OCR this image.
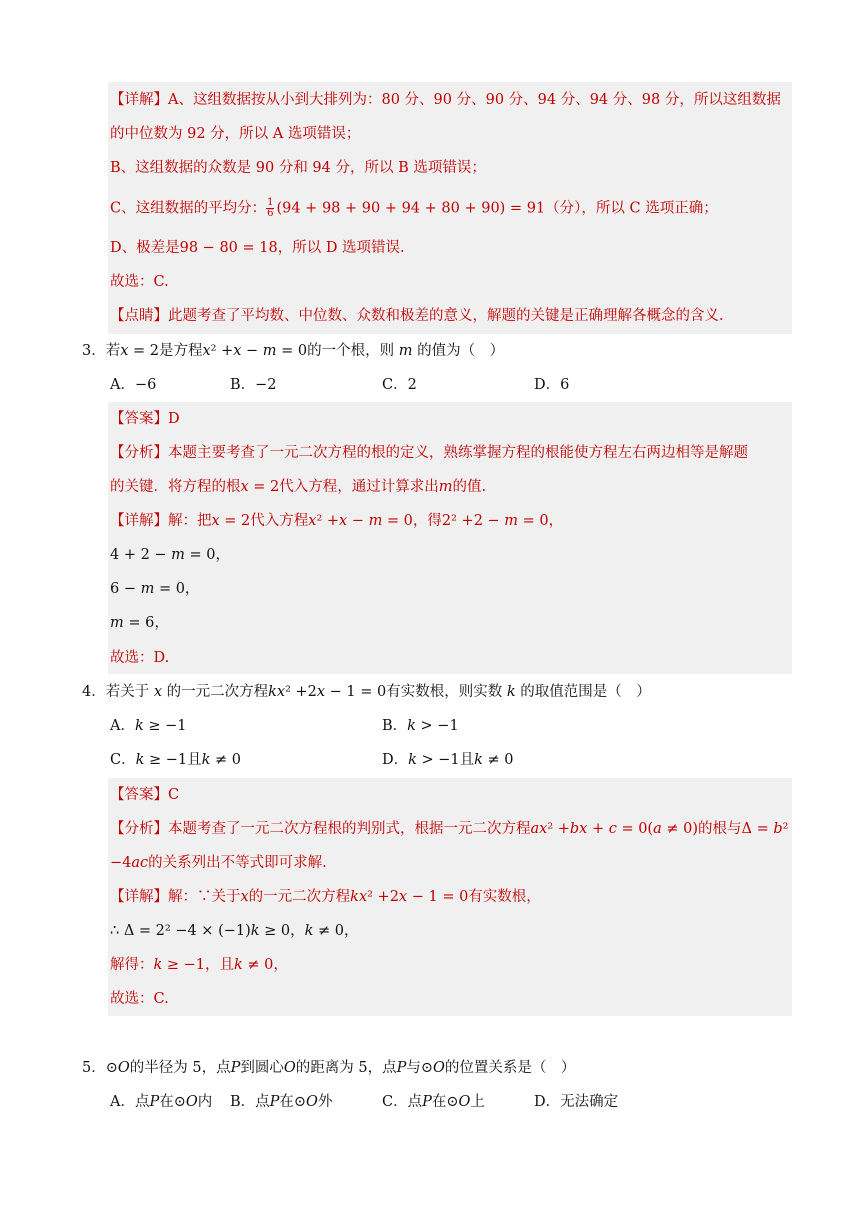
【详解】A、这组数据按从小到大排列为：80 分、90 分、90 分、94 分、94 分、98 分，所以这组数据
的中位数为 92 分，所以 A 选项错误；
B、这组数据的众数是 90 分和 94 分，所以 B 选项错误；
C、这组数据的平均分： $\frac{1}{6} (94 + 98 + 90 + 94 + 80 + 90) = 91$（分），所以 C 选项正确；
D、极差是98 − 80 = 18，所以 D 选项错误.
故选：C.
【点睛】此题考查了平均数、中位数、众数和极差的意义，解题的关键是正确理解各概念的含义.
3．若𝑥 = 2是方程𝑥² +𝑥 − 𝑚 = 0的一个根，则 𝑚 的值为（　）
A．−6	B．−2	C．2	D．6
【答案】D
【分析】本题主要考查了一元二次方程的根的定义，熟练掌握方程的根能使方程左右两边相等是解题
的关键．将方程的根𝑥 = 2代入方程，通过计算求出𝑚的值.
【详解】解：把𝑥 = 2代入方程𝑥² +𝑥 − 𝑚 = 0，得2² +2 − 𝑚 = 0，
4 + 2 − 𝑚 = 0，
6 − 𝑚 = 0，
𝑚 = 6，
故选：D.
4．若关于 𝑥 的一元二次方程𝑘𝑥² +2𝑥 − 1 = 0有实数根，则实数 𝑘 的取值范围是（　）
A．𝑘 ≥ −1	B．𝑘 > −1
C．𝑘 ≥ −1且𝑘 ≠ 0	D．𝑘 > −1且𝑘 ≠ 0
【答案】C
【分析】本题考查了一元二次方程根的判别式，根据一元二次方程𝑎𝑥² +𝑏𝑥 + 𝑐 = 0(𝑎 ≠ 0)的根与Δ = 𝑏²
−4𝑎𝑐的关系列出不等式即可求解.
【详解】解：∵关于𝑥的一元二次方程𝑘𝑥² +2𝑥 − 1 = 0有实数根，
∴ Δ = 2² −4 × (−1)𝑘 ≥ 0，𝑘 ≠ 0，
解得：𝑘 ≥ −1，且𝑘 ≠ 0，
故选：C.
5．⊙𝑂的半径为 5，点𝑃到圆心𝑂的距离为 5，点𝑃与⊙𝑂的位置关系是（　）
A．点𝑃在⊙𝑂内 B．点𝑃在⊙𝑂外	C．点𝑃在⊙𝑂上	D．无法确定
